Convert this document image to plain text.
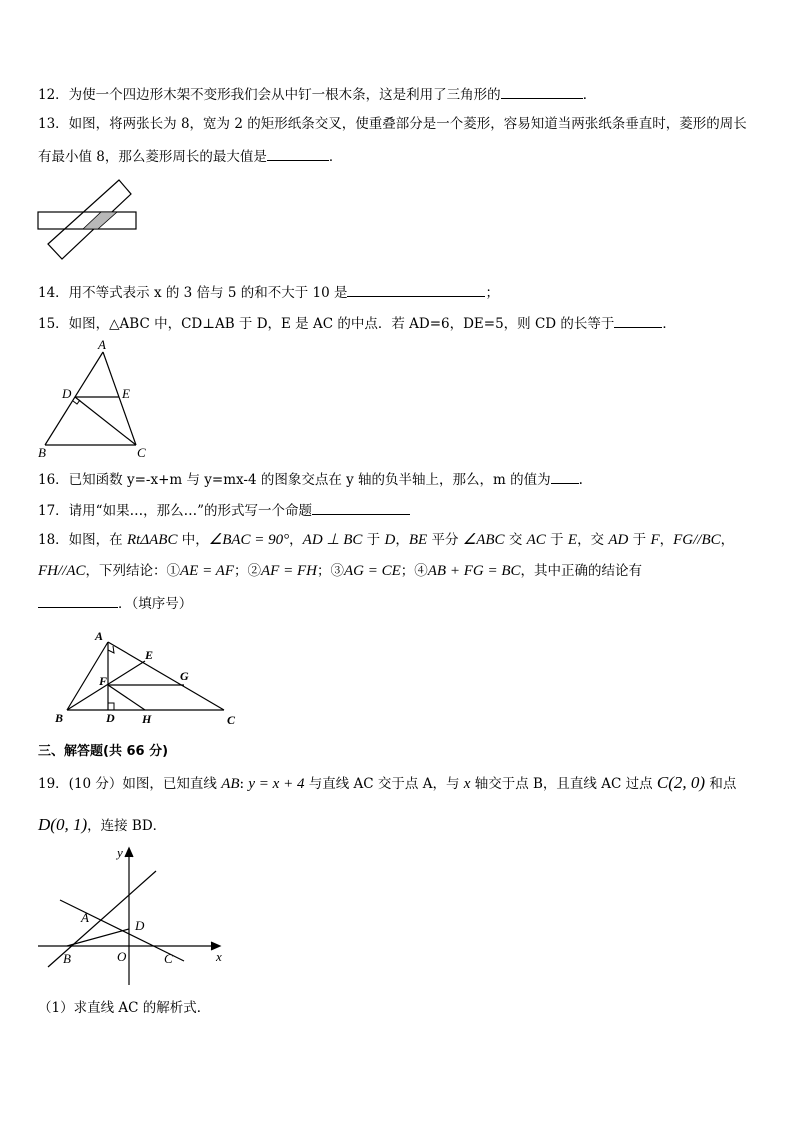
12．为使一个四边形木架不变形我们会从中钉一根木条，这是利用了三角形的	．
13．如图，将两张长为 8，宽为 2 的矩形纸条交叉，使重叠部分是一个菱形，容易知道当两张纸条垂直时，菱形的周长
有最小值 8，那么菱形周长的最大值是	．
14．用不等式表示 x 的 3 倍与 5 的和不大于 10 是	；
15．如图，△ABC 中，CD⊥AB 于 D，E 是 AC 的中点．若 AD=6，DE=5，则 CD 的长等于	．
A
B	C
D	E
16．已知函数 y=-x+m 与 y=mx-4 的图象交点在 y 轴的负半轴上，那么，m 的值为 .
17．请用“如果…，那么…”的形式写一个命题
18．如图，在 RtΔABC 中，∠BAC = 90°，AD ⊥ BC 于 D，BE 平分 ∠ABC 交 AC 于 E，交 AD 于 F，FG//BC，
FH//AC，下列结论：①AE = AF；②AF = FH；③AG = CE；④AB + FG = BC，其中正确的结论有
．（填序号）
A
B	C
D
E
F	G
H
三、解答题(共 66 分)
19．(10 分）如图，已知直线 AB: y = x + 4 与直线 AC 交于点 A，与 x 轴交于点 B，且直线 AC 过点 C(2, 0) 和点
D(0, 1)，连接 BD．
y
x
A
B	C
D
O
（1）求直线 AC 的解析式．
